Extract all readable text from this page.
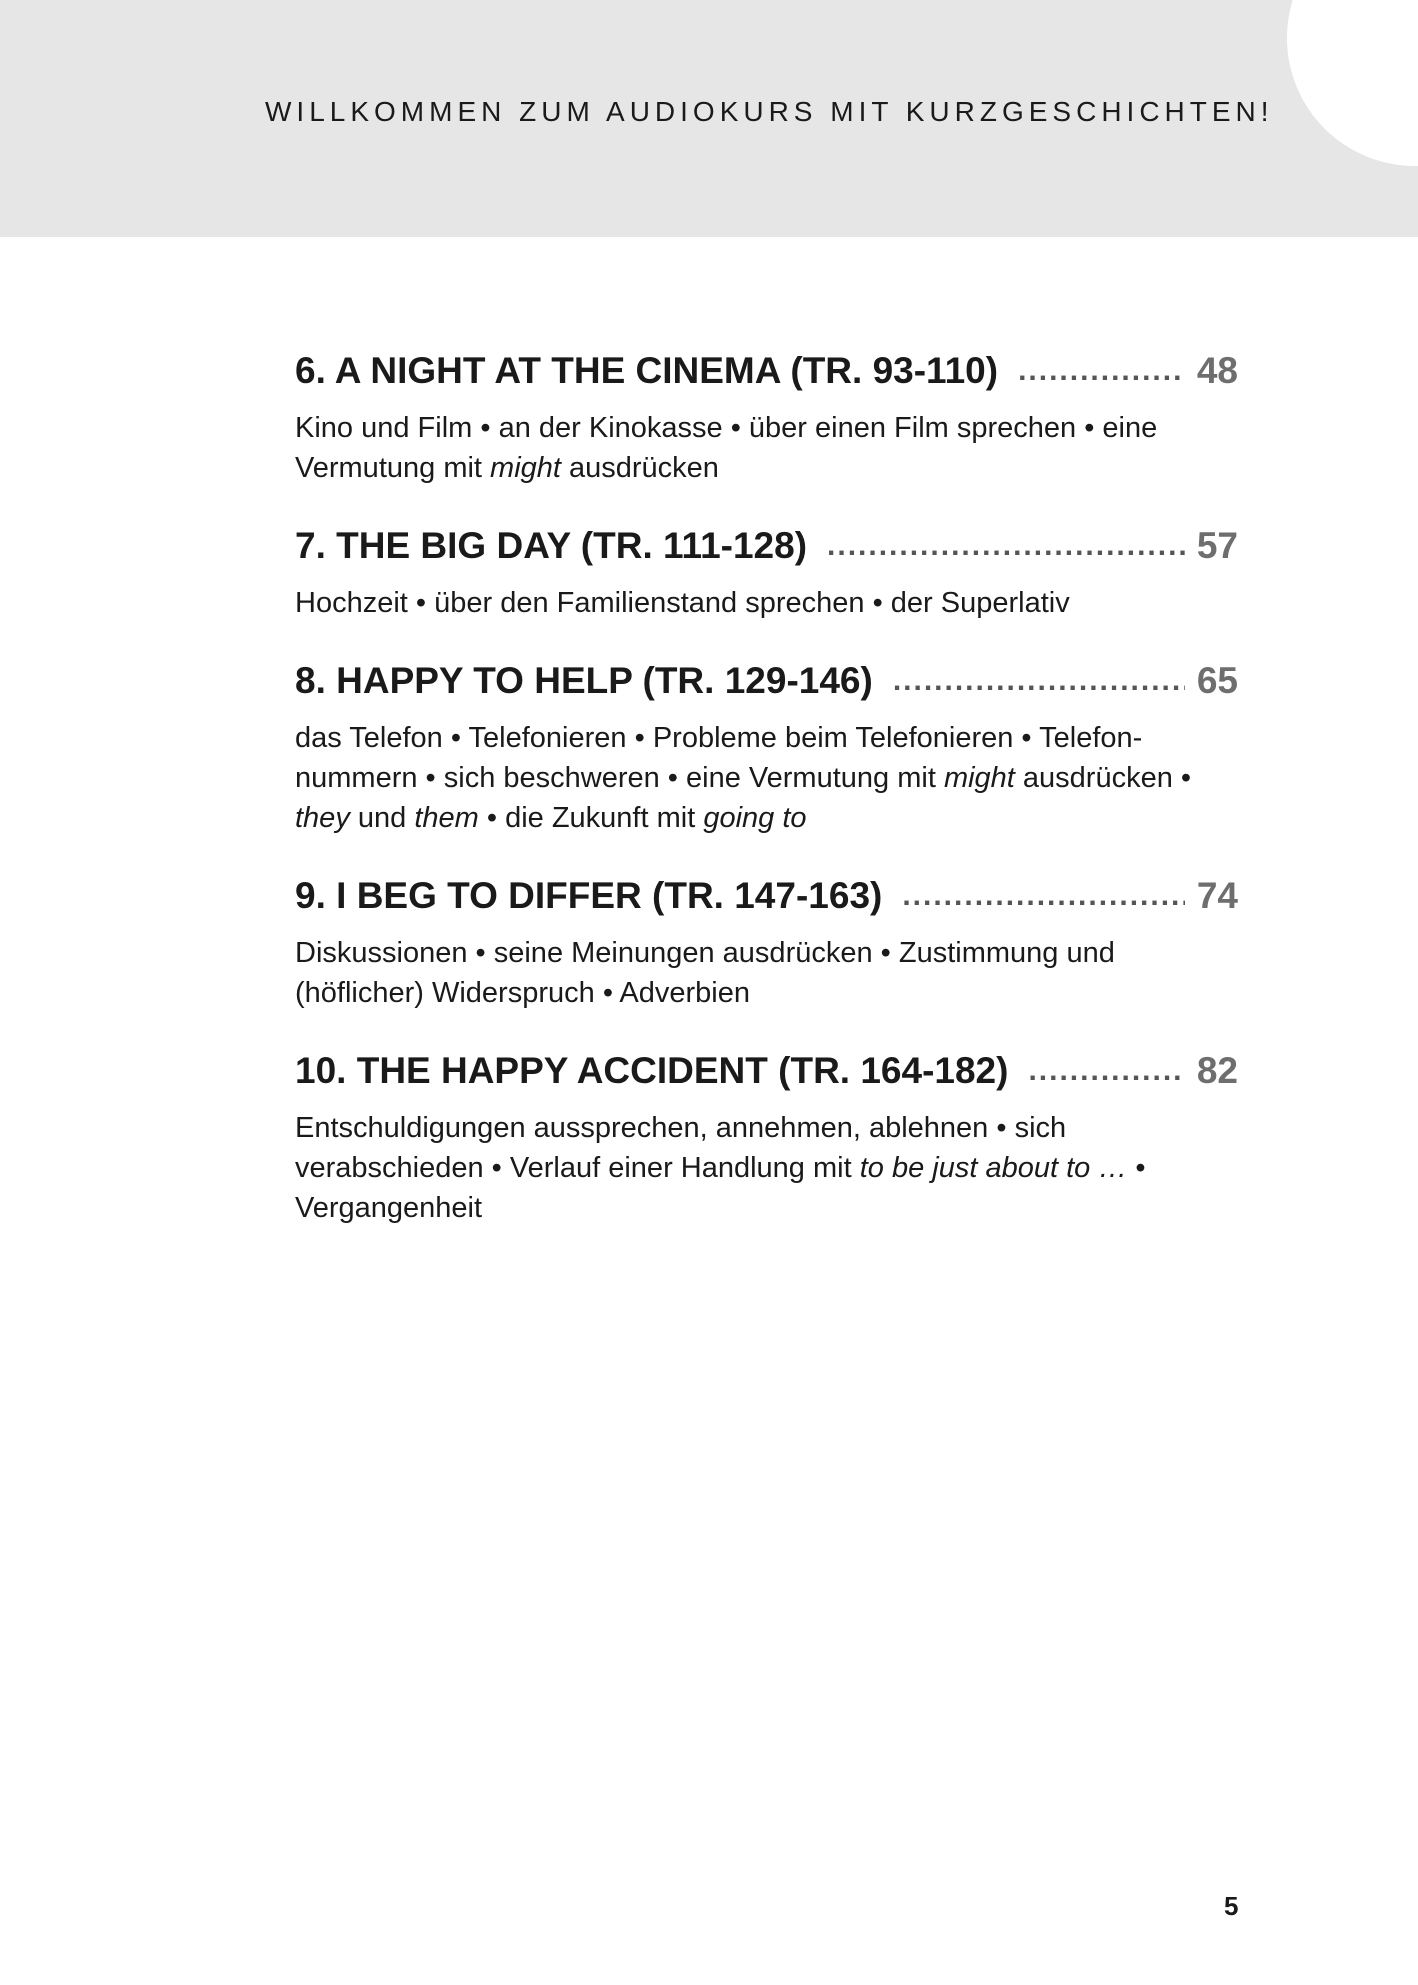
WILLKOMMEN ZUM AUDIOKURS MIT KURZGESCHICHTEN!
6. A NIGHT AT THE CINEMA (TR. 93-110) .....	48
Kino und Film • an der Kinokasse • über einen Film sprechen • eine Vermutung mit might ausdrücken
7. THE BIG DAY (TR. 111-128) .....	57
Hochzeit • über den Familienstand sprechen • der Superlativ
8. HAPPY TO HELP (TR. 129-146) .....	65
das Telefon • Telefonieren • Probleme beim Telefonieren • Telefonnummern • sich beschweren • eine Vermutung mit might ausdrücken • they und them • die Zukunft mit going to
9. I BEG TO DIFFER (TR. 147-163) .....	74
Diskussionen • seine Meinungen ausdrücken • Zustimmung und (höflicher) Widerspruch • Adverbien
10. THE HAPPY ACCIDENT (TR. 164-182) .....	82
Entschuldigungen aussprechen, annehmen, ablehnen • sich verabschieden • Verlauf einer Handlung mit to be just about to … • Vergangenheit
5
